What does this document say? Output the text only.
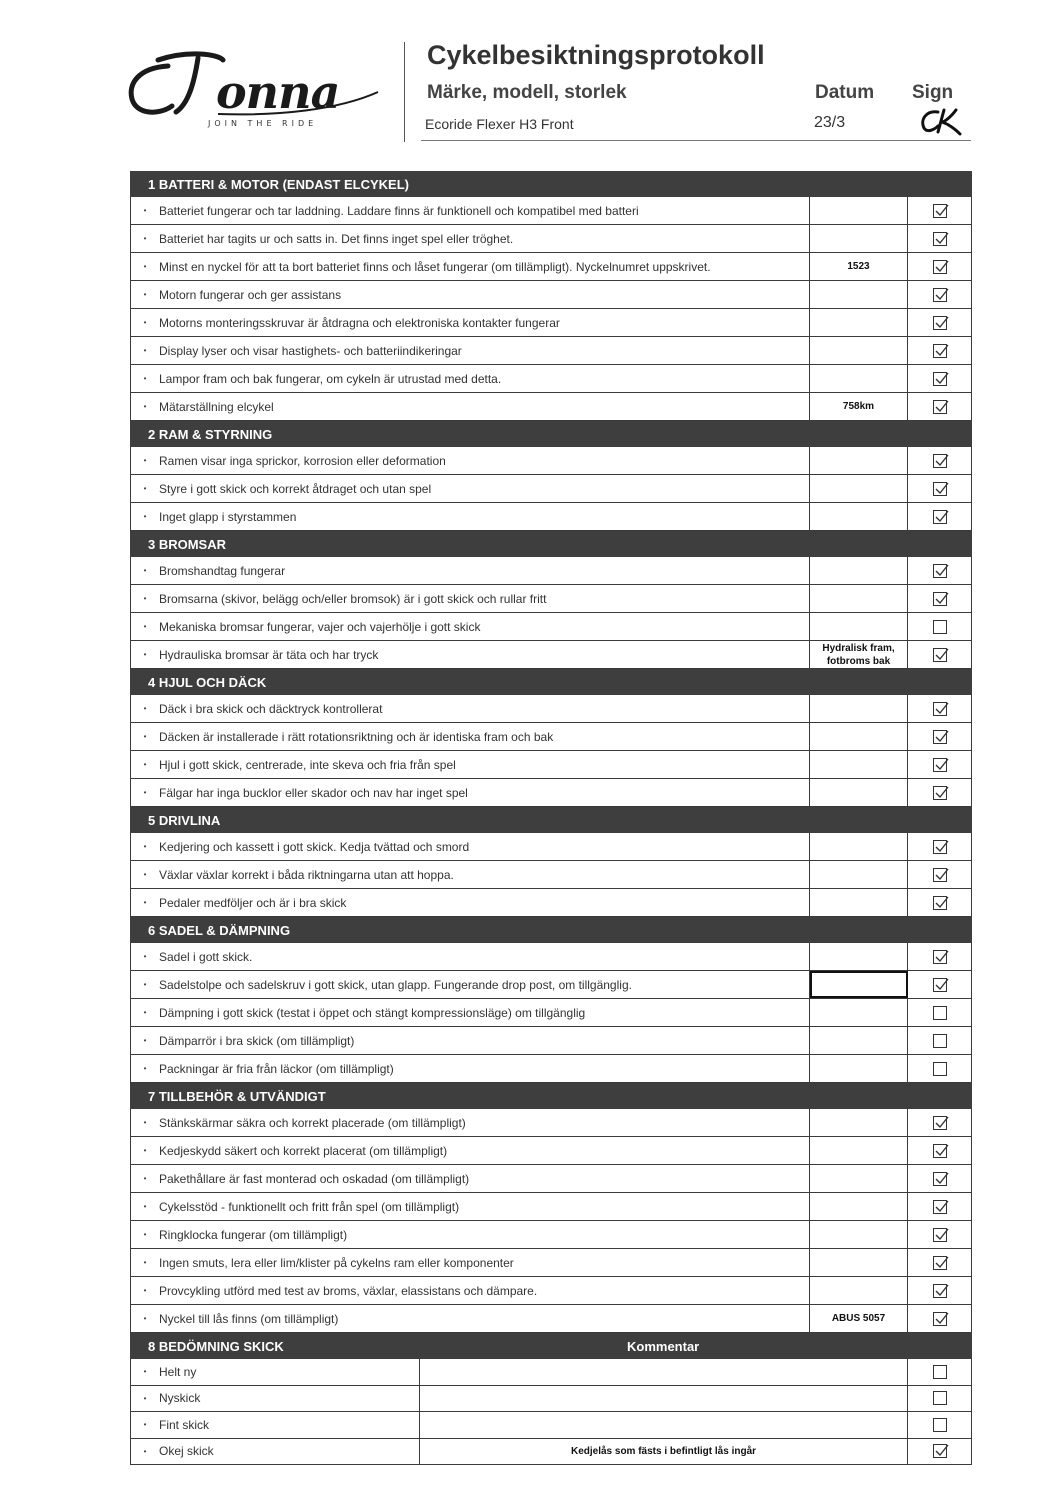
onna
JOIN THE RIDE
Cykelbesiktningsprotokoll
Märke, modell, storlek	Datum Sign
Ecoride Flexer H3 Front	23/3
1 BATTERI & MOTOR (ENDAST ELCYKEL)
•	Batteriet fungerar och tar laddning. Laddare finns är funktionell och kompatibel med batteri
•	Batteriet har tagits ur och satts in. Det finns inget spel eller tröghet.
•	Minst en nyckel för att ta bort batteriet finns och låset fungerar (om tillämpligt). Nyckelnumret uppskrivet.	1523
•	Motorn fungerar och ger assistans
•	Motorns monteringsskruvar är åtdragna och elektroniska kontakter fungerar
•	Display lyser och visar hastighets- och batteriindikeringar
•	Lampor fram och bak fungerar, om cykeln är utrustad med detta.
•	Mätarställning elcykel	758km
2 RAM & STYRNING
•	Ramen visar inga sprickor, korrosion eller deformation
•	Styre i gott skick och korrekt åtdraget och utan spel
•	Inget glapp i styrstammen
3 BROMSAR
•	Bromshandtag fungerar
•	Bromsarna (skivor, belägg och/eller bromsok) är i gott skick och rullar fritt
•	Mekaniska bromsar fungerar, vajer och vajerhölje i gott skick
•	Hydrauliska bromsar är täta och har tryck	Hydralisk fram, fotbroms bak
4 HJUL OCH DÄCK
•	Däck i bra skick och däcktryck kontrollerat
•	Däcken är installerade i rätt rotationsriktning och är identiska fram och bak
•	Hjul i gott skick, centrerade, inte skeva och fria från spel
•	Fälgar har inga bucklor eller skador och nav har inget spel
5 DRIVLINA
•	Kedjering och kassett i gott skick. Kedja tvättad och smord
•	Växlar växlar korrekt i båda riktningarna utan att hoppa.
•	Pedaler medföljer och är i bra skick
6 SADEL & DÄMPNING
•	Sadel i gott skick.
•	Sadelstolpe och sadelskruv i gott skick, utan glapp. Fungerande drop post, om tillgänglig.
•	Dämpning i gott skick (testat i öppet och stängt kompressionsläge) om tillgänglig
•	Dämparrör i bra skick (om tillämpligt)
•	Packningar är fria från läckor (om tillämpligt)
7 TILLBEHÖR & UTVÄNDIGT
•	Stänkskärmar säkra och korrekt placerade (om tillämpligt)
•	Kedjeskydd säkert och korrekt placerat (om tillämpligt)
•	Pakethållare är fast monterad och oskadad (om tillämpligt)
•	Cykelsstöd - funktionellt och fritt från spel (om tillämpligt)
•	Ringklocka fungerar (om tillämpligt)
•	Ingen smuts, lera eller lim/klister på cykelns ram eller komponenter
•	Provcykling utförd med test av broms, växlar, elassistans och dämpare.
•	Nyckel till lås finns (om tillämpligt)	ABUS 5057
8 BEDÖMNING SKICK	Kommentar
•	Helt ny
•	Nyskick
•	Fint skick
•	Okej skick	Kedjelås som fästs i befintligt lås ingår
